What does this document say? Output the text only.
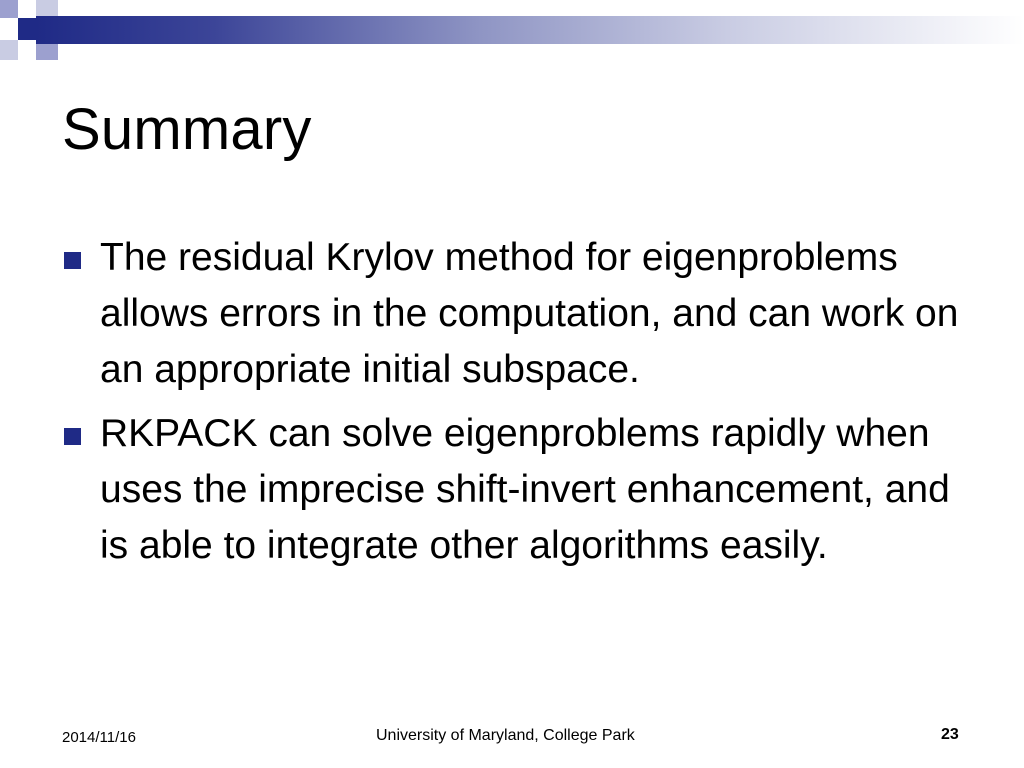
Summary
The residual Krylov method for eigenproblems allows errors in the computation, and can work on an appropriate initial subspace.
RKPACK can solve eigenproblems rapidly when uses the imprecise shift-invert enhancement, and is able to integrate other algorithms easily.
2014/11/16	University of Maryland, College Park	23
